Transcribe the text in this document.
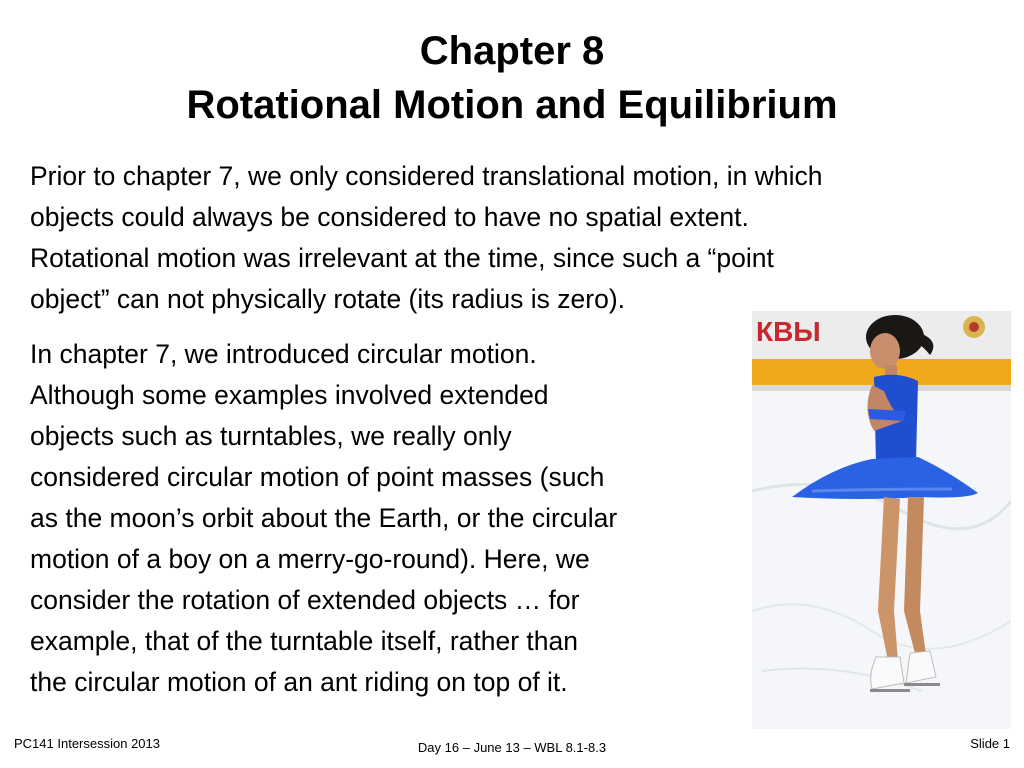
Chapter 8
Rotational Motion and Equilibrium

Prior to chapter 7, we only considered translational motion, in which
objects could always be considered to have no spatial extent.
Rotational motion was irrelevant at the time, since such a “point
object” can not physically rotate (its radius is zero).

In chapter 7, we introduced circular motion.
Although some examples involved extended
objects such as turntables, we really only
considered circular motion of point masses (such
as the moon’s orbit about the Earth, or the circular
motion of a boy on a merry-go-round). Here, we
consider the rotation of extended objects … for
example, that of the turntable itself, rather than
the circular motion of an ant riding on top of it.

КВЫ
PC141 Intersession 2013	Day 16 – June 13 – WBL 8.1-8.3	Slide 1
